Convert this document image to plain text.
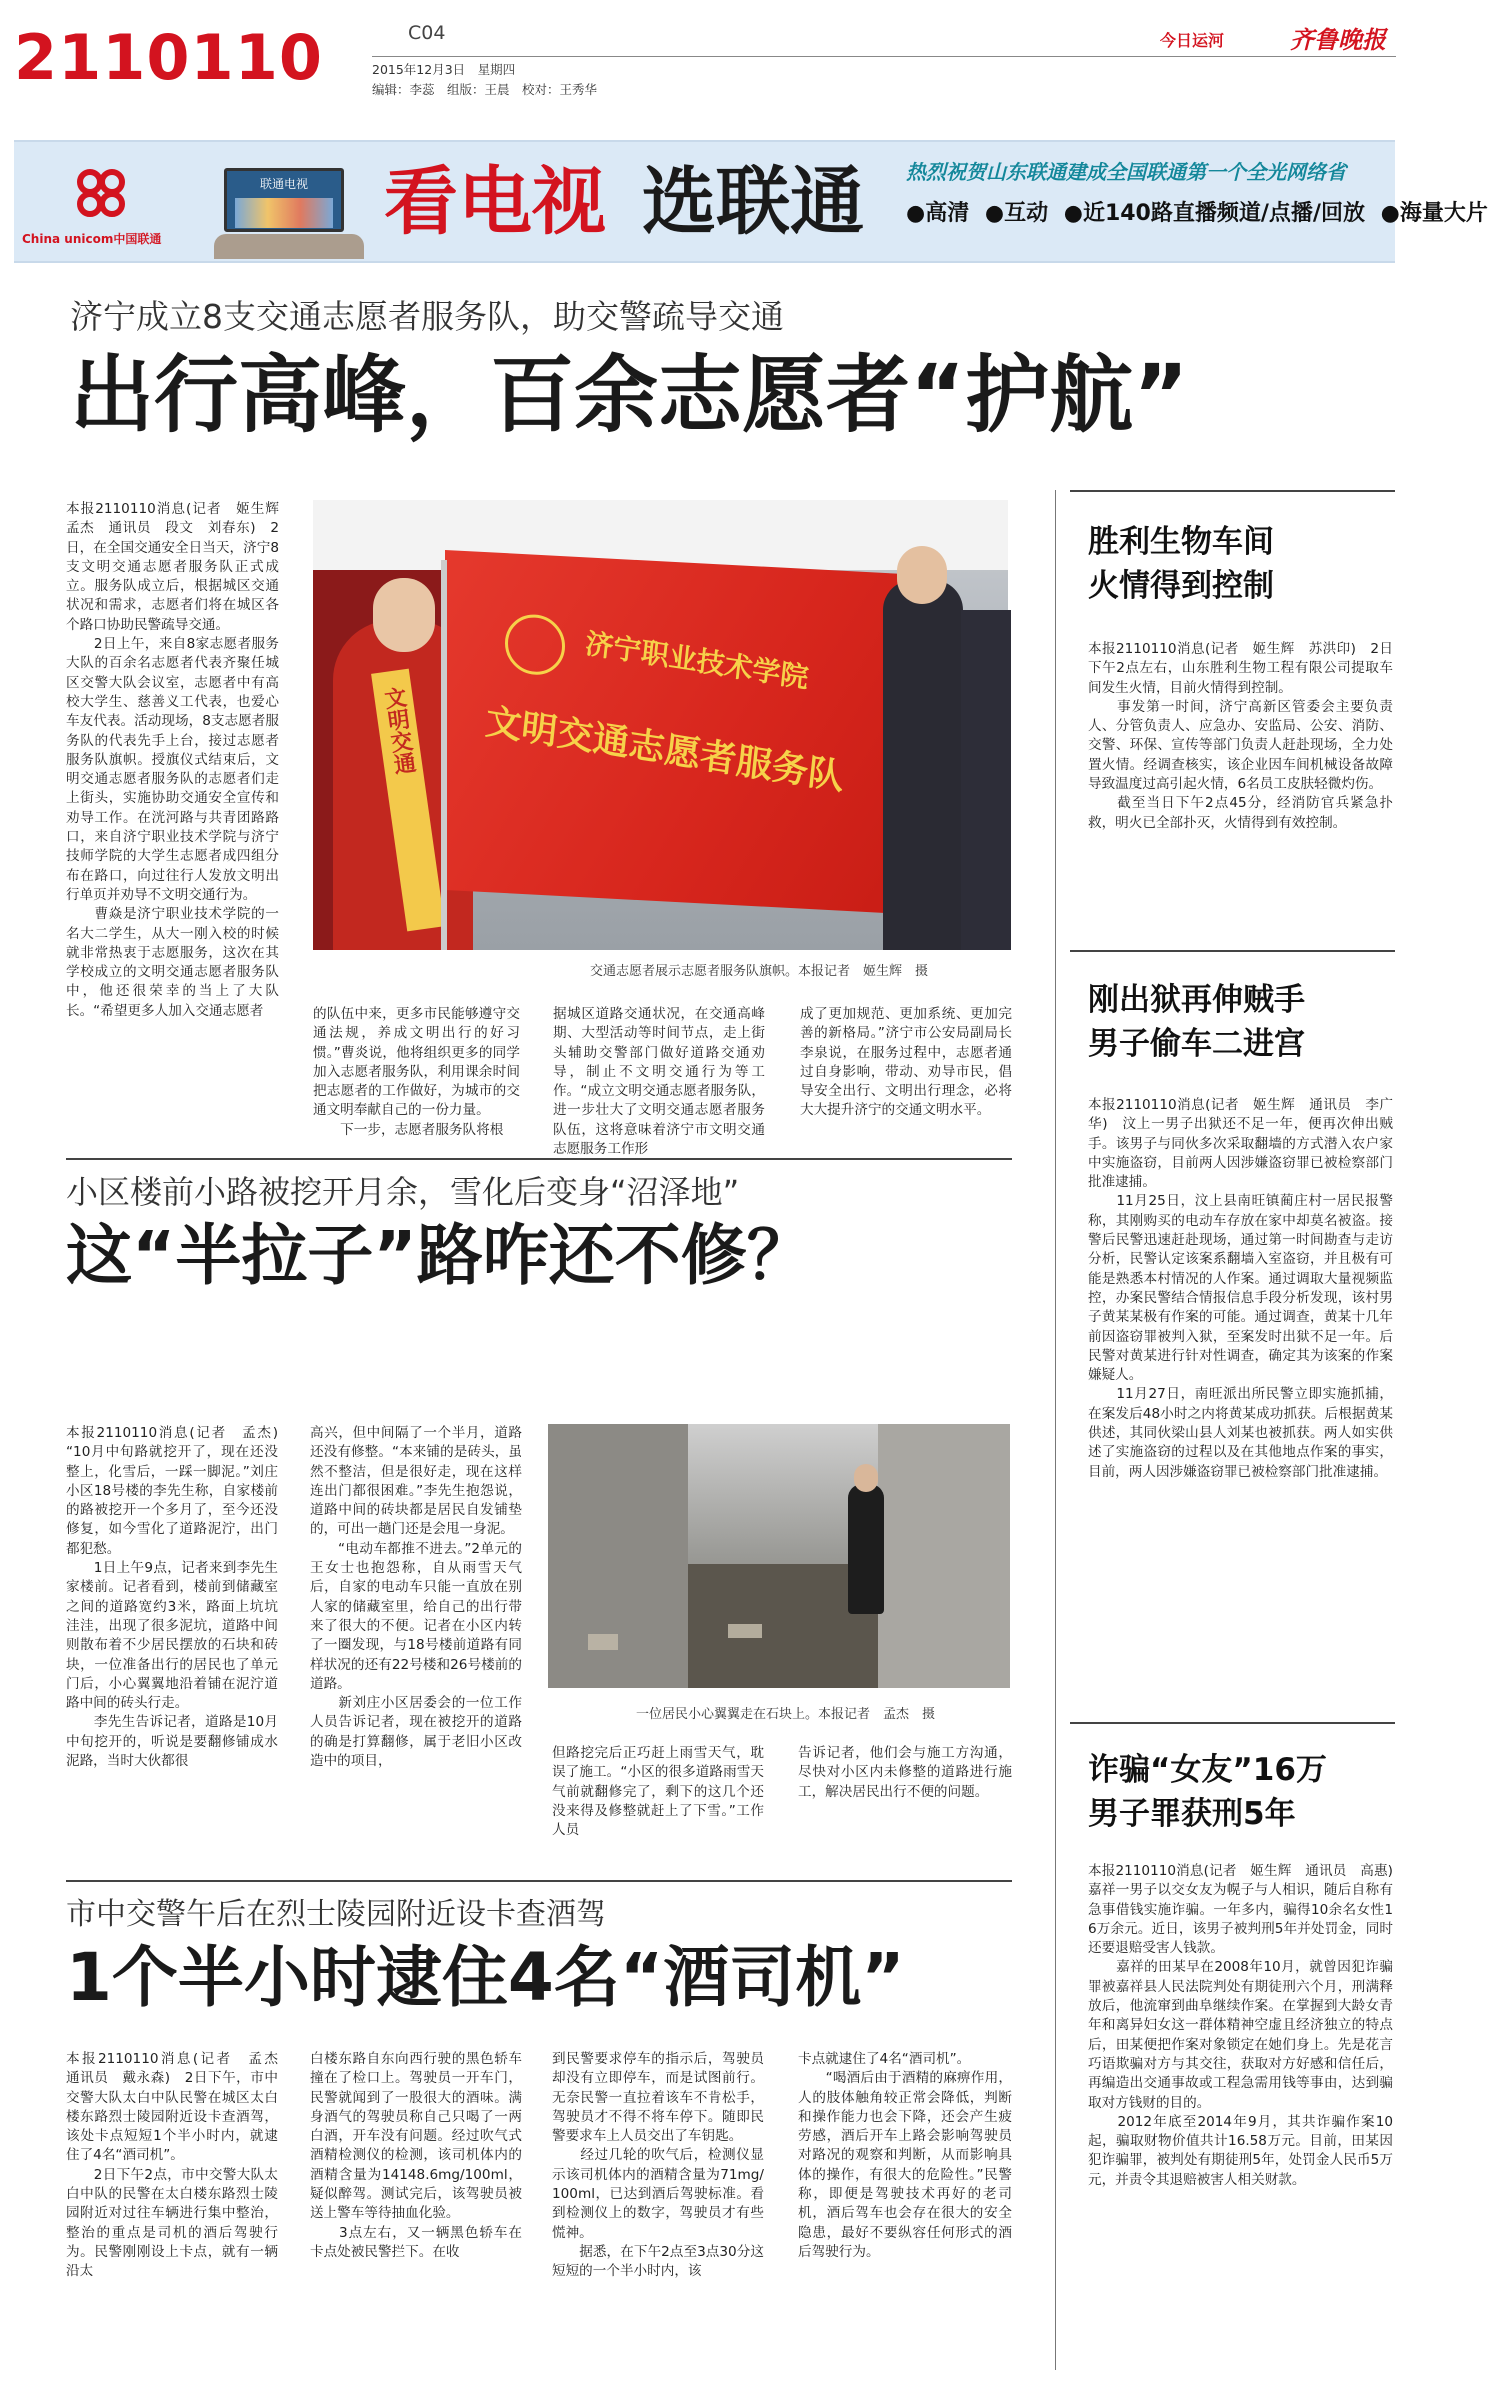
2110110	C04
2015年12月3日　星期四
编辑：李蕊　组版：王晨　校对：王秀华
今日运河	齐鲁晚报
China unicom中国联通
联通电视	看电视 选联通 热烈祝贺山东联通建成全国联通第一个全光网络省
●高清 ●互动 ●近140路直播频道/点播/回放 ●海量大片
济宁成立8支交通志愿者服务队，助交警疏导交通
出行高峰，百余志愿者“护航”
文明交通
济宁职业技术学院
文明交通志愿者服务队
交通志愿者展示志愿者服务队旗帜。本报记者　姬生辉　摄
本报2110110消息(记者　姬生辉　孟杰　通讯员　段文　刘春东)　2日，在全国交通安全日当天，济宁8支文明交通志愿者服务队正式成立。服务队成立后，根据城区交通状况和需求，志愿者们将在城区各个路口协助民警疏导交通。
　　2日上午，来自8家志愿者服务大队的百余名志愿者代表齐聚任城区交警大队会议室，志愿者中有高校大学生、慈善义工代表，也爱心车友代表。活动现场，8支志愿者服务队的代表先手上台，接过志愿者服务队旗帜。授旗仪式结束后，文明交通志愿者服务队的志愿者们走上街头，实施协助交通安全宣传和劝导工作。在洸河路与共青团路路口，来自济宁职业技术学院与济宁技师学院的大学生志愿者成四组分布在路口，向过往行人发放文明出行单页并劝导不文明交通行为。
　　曹焱是济宁职业技术学院的一名大二学生，从大一刚入校的时候就非常热衷于志愿服务，这次在其学校成立的文明交通志愿者服务队中，他还很荣幸的当上了大队长。“希望更多人加入交通志愿者	的队伍中来，更多市民能够遵守交通法规，养成文明出行的好习惯。”曹炎说，他将组织更多的同学加入志愿者服务队，利用课余时间把志愿者的工作做好，为城市的交通文明奉献自己的一份力量。
　　下一步，志愿者服务队将根
据城区道路交通状况，在交通高峰期、大型活动等时间节点，走上街头辅助交警部门做好道路交通劝导，制止不文明交通行为等工作。“成立文明交通志愿者服务队，进一步壮大了文明交通志愿者服务队伍，这将意味着济宁市文明交通志愿服务工作形
成了更加规范、更加系统、更加完善的新格局。”济宁市公安局副局长李泉说，在服务过程中，志愿者通过自身影响，带动、劝导市民，倡导安全出行、文明出行理念，必将大大提升济宁的交通文明水平。
小区楼前小路被挖开月余，雪化后变身“沼泽地”
这“半拉子”路咋还不修？
一位居民小心翼翼走在石块上。本报记者　孟杰　摄
本报2110110消息(记者　孟杰)　“10月中旬路就挖开了，现在还没整上，化雪后，一踩一脚泥。”刘庄小区18号楼的李先生称，自家楼前的路被挖开一个多月了，至今还没修复，如今雪化了道路泥泞，出门都犯愁。
　　1日上午9点，记者来到李先生家楼前。记者看到，楼前到储藏室之间的道路宽约3米，路面上坑坑洼洼，出现了很多泥坑，道路中间则散布着不少居民摆放的石块和砖块，一位准备出行的居民也了单元门后，小心翼翼地沿着铺在泥泞道路中间的砖头行走。
　　李先生告诉记者，道路是10月中旬挖开的，听说是要翻修铺成水泥路，当时大伙都很
高兴，但中间隔了一个半月，道路还没有修整。“本来铺的是砖头，虽然不整洁，但是很好走，现在这样连出门都很困难。”李先生抱怨说，道路中间的砖块都是居民自发铺垫的，可出一趟门还是会甩一身泥。
　　“电动车都推不进去。”2单元的王女士也抱怨称，自从雨雪天气后，自家的电动车只能一直放在别人家的储藏室里，给自己的出行带来了很大的不便。记者在小区内转了一圈发现，与18号楼前道路有同样状况的还有22号楼和26号楼前的道路。
　　新刘庄小区居委会的一位工作人员告诉记者，现在被挖开的道路的确是打算翻修，属于老旧小区改造中的项目，
但路挖完后正巧赶上雨雪天气，耽误了施工。“小区的很多道路雨雪天气前就翻修完了，剩下的这几个还没来得及修整就赶上了下雪。”工作人员
告诉记者，他们会与施工方沟通，尽快对小区内未修整的道路进行施工，解决居民出行不便的问题。
市中交警午后在烈士陵园附近设卡查酒驾
1个半小时逮住4名“酒司机”
本报2110110消息(记者　孟杰　通讯员　戴永森)　2日下午，市中交警大队太白中队民警在城区太白楼东路烈士陵园附近设卡查酒驾，该处卡点短短1个半小时内，就逮住了4名“酒司机”。
　　2日下午2点，市中交警大队太白中队的民警在太白楼东路烈士陵园附近对过往车辆进行集中整治，整治的重点是司机的酒后驾驶行为。民警刚刚设上卡点，就有一辆沿太
白楼东路自东向西行驶的黑色轿车撞在了检口上。驾驶员一开车门，民警就闻到了一股很大的酒味。满身酒气的驾驶员称自己只喝了一两白酒，开车没有问题。经过吹气式酒精检测仪的检测，该司机体内的酒精含量为14148.6mg/100ml，疑似醉驾。测试完后，该驾驶员被送上警车等待抽血化验。
　　3点左右，又一辆黑色轿车在卡点处被民警拦下。在收
到民警要求停车的指示后，驾驶员却没有立即停车，而是试图前行。无奈民警一直拉着该车不肯松手，驾驶员才不得不将车停下。随即民警要求车上人员交出了车钥匙。
　　经过几轮的吹气后，检测仪显示该司机体内的酒精含量为71mg/100ml，已达到酒后驾驶标准。看到检测仪上的数字，驾驶员才有些慌神。
　　据悉，在下午2点至3点30分这短短的一个半小时内，该
卡点就逮住了4名“酒司机”。
　　“喝酒后由于酒精的麻痹作用，人的肢体触角较正常会降低，判断和操作能力也会下降，还会产生疲劳感，酒后开车上路会影响驾驶员对路况的观察和判断，从而影响具体的操作，有很大的危险性。”民警称，即便是驾驶技术再好的老司机，酒后驾车也会存在很大的安全隐患，最好不要纵容任何形式的酒后驾驶行为。
胜利生物车间
火情得到控制
本报2110110消息(记者　姬生辉　苏洪印)　2日下午2点左右，山东胜利生物工程有限公司提取车间发生火情，目前火情得到控制。
　　事发第一时间，济宁高新区管委会主要负责人、分管负责人、应急办、安监局、公安、消防、交警、环保、宣传等部门负责人赶赴现场，全力处置火情。经调查核实，该企业因车间机械设备故障导致温度过高引起火情，6名员工皮肤轻微灼伤。
　　截至当日下午2点45分，经消防官兵紧急扑救，明火已全部扑灭，火情得到有效控制。
刚出狱再伸贼手
男子偷车二进宫
本报2110110消息(记者　姬生辉　通讯员　李广华)　汶上一男子出狱还不足一年，便再次伸出贼手。该男子与同伙多次采取翻墙的方式潜入农户家中实施盗窃，目前两人因涉嫌盗窃罪已被检察部门批准逮捕。
　　11月25日，汶上县南旺镇蔺庄村一居民报警称，其刚购买的电动车存放在家中却莫名被盗。接警后民警迅速赶赴现场，通过第一时间勘查与走访分析，民警认定该案系翻墙入室盗窃，并且极有可能是熟悉本村情况的人作案。通过调取大量视频监控，办案民警结合情报信息手段分析发现，该村男子黄某某极有作案的可能。通过调查，黄某十几年前因盗窃罪被判入狱，至案发时出狱不足一年。后民警对黄某进行针对性调查，确定其为该案的作案嫌疑人。
　　11月27日，南旺派出所民警立即实施抓捕，在案发后48小时之内将黄某成功抓获。后根据黄某供述，其同伙梁山县人刘某也被抓获。两人如实供述了实施盗窃的过程以及在其他地点作案的事实，目前，两人因涉嫌盗窃罪已被检察部门批准逮捕。
诈骗“女友”16万
男子罪获刑5年
本报2110110消息(记者　姬生辉　通讯员　高惠)　嘉祥一男子以交女友为幌子与人相识，随后自称有急事借钱实施诈骗。一年多内，骗得10余名女性16万余元。近日，该男子被判刑5年并处罚金，同时还要退赔受害人钱款。
　　嘉祥的田某早在2008年10月，就曾因犯诈骗罪被嘉祥县人民法院判处有期徒刑六个月，刑满释放后，他流窜到曲阜继续作案。在掌握到大龄女青年和离异妇女这一群体精神空虚且经济独立的特点后，田某便把作案对象锁定在她们身上。先是花言巧语欺骗对方与其交往，获取对方好感和信任后，再编造出交通事故或工程急需用钱等事由，达到骗取对方钱财的目的。
　　2012年底至2014年9月，其共诈骗作案10起，骗取财物价值共计16.58万元。目前，田某因犯诈骗罪，被判处有期徒刑5年，处罚金人民币5万元，并责令其退赔被害人相关财款。
